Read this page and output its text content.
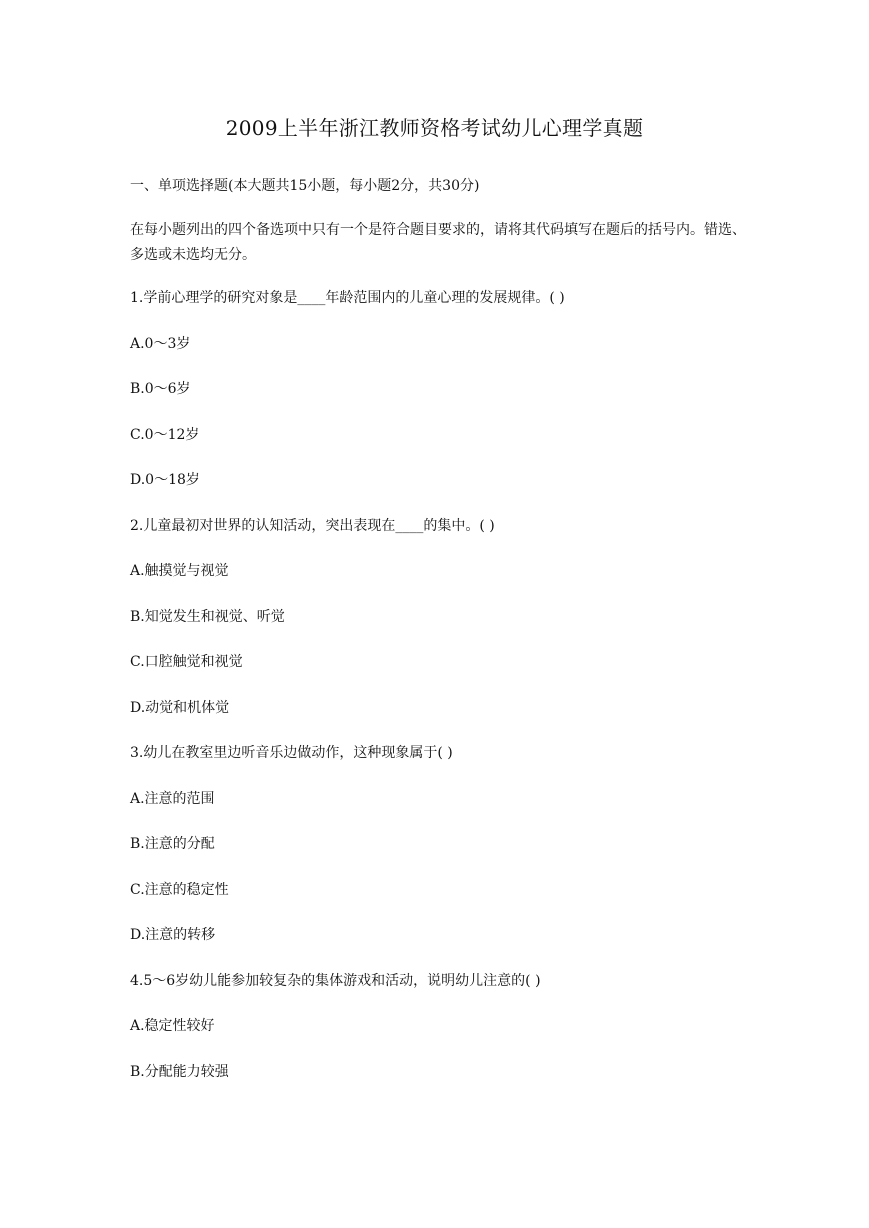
2009上半年浙江教师资格考试幼儿心理学真题
一、单项选择题(本大题共15小题，每小题2分，共30分)
在每小题列出的四个备选项中只有一个是符合题目要求的，请将其代码填写在题后的括号内。错选、多选或未选均无分。
1.学前心理学的研究对象是____年龄范围内的儿童心理的发展规律。( )
A.0～3岁
B.0～6岁
C.0～12岁
D.0～18岁
2.儿童最初对世界的认知活动，突出表现在____的集中。( )
A.触摸觉与视觉
B.知觉发生和视觉、听觉
C.口腔触觉和视觉
D.动觉和机体觉
3.幼儿在教室里边听音乐边做动作，这种现象属于( )
A.注意的范围
B.注意的分配
C.注意的稳定性
D.注意的转移
4.5～6岁幼儿能参加较复杂的集体游戏和活动，说明幼儿注意的( )
A.稳定性较好
B.分配能力较强
